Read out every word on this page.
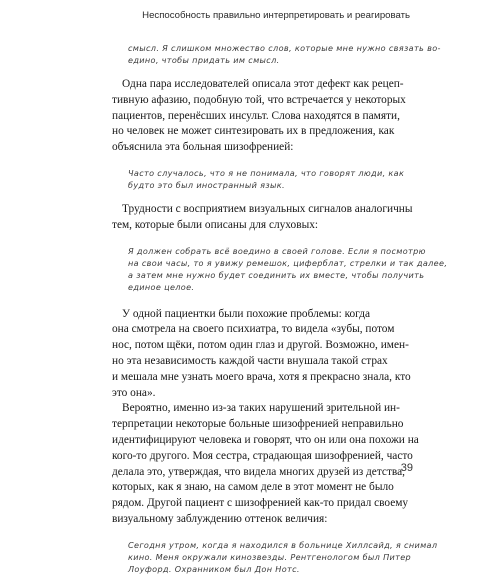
Неспособность правильно интерпретировать и реагировать
смысл. Я слишком множество слов, которые мне нужно связать во-
едино, чтобы придать им смысл.
Одна пара исследователей описала этот дефект как рецеп-
тивную афазию, подобную той, что встречается у некоторых
пациентов, перенёсших инсульт. Слова находятся в памяти,
но человек не может синтезировать их в предложения, как
объяснила эта больная шизофренией:
Часто случалось, что я не понимала, что говорят люди, как
будто это был иностранный язык.
Трудности с восприятием визуальных сигналов аналогичны
тем, которые были описаны для слуховых:
Я должен собрать всё воедино в своей голове. Если я посмотрю
на свои часы, то я увижу ремешок, циферблат, стрелки и так далее,
а затем мне нужно будет соединить их вместе, чтобы получить
единое целое.
У одной пациентки были похожие проблемы: когда
она смотрела на своего психиатра, то видела «зубы, потом
нос, потом щёки, потом один глаз и другой. Возможно, имен-
но эта независимость каждой части внушала такой страх
и мешала мне узнать моего врача, хотя я прекрасно знала, кто
это она».
Вероятно, именно из-за таких нарушений зрительной ин-
терпретации некоторые больные шизофренией неправильно
идентифицируют человека и говорят, что он или она похожи на
кого-то другого. Моя сестра, страдающая шизофренией, часто
делала это, утверждая, что видела многих друзей из детства,
которых, как я знаю, на самом деле в этот момент не было
рядом. Другой пациент с шизофренией как-то придал своему
визуальному заблуждению оттенок величия:
Сегодня утром, когда я находился в больнице Хиллсайд, я снимал
кино. Меня окружали кинозвезды. Рентгенологом был Питер
Лоуфорд. Охранником был Дон Нотс.
39
